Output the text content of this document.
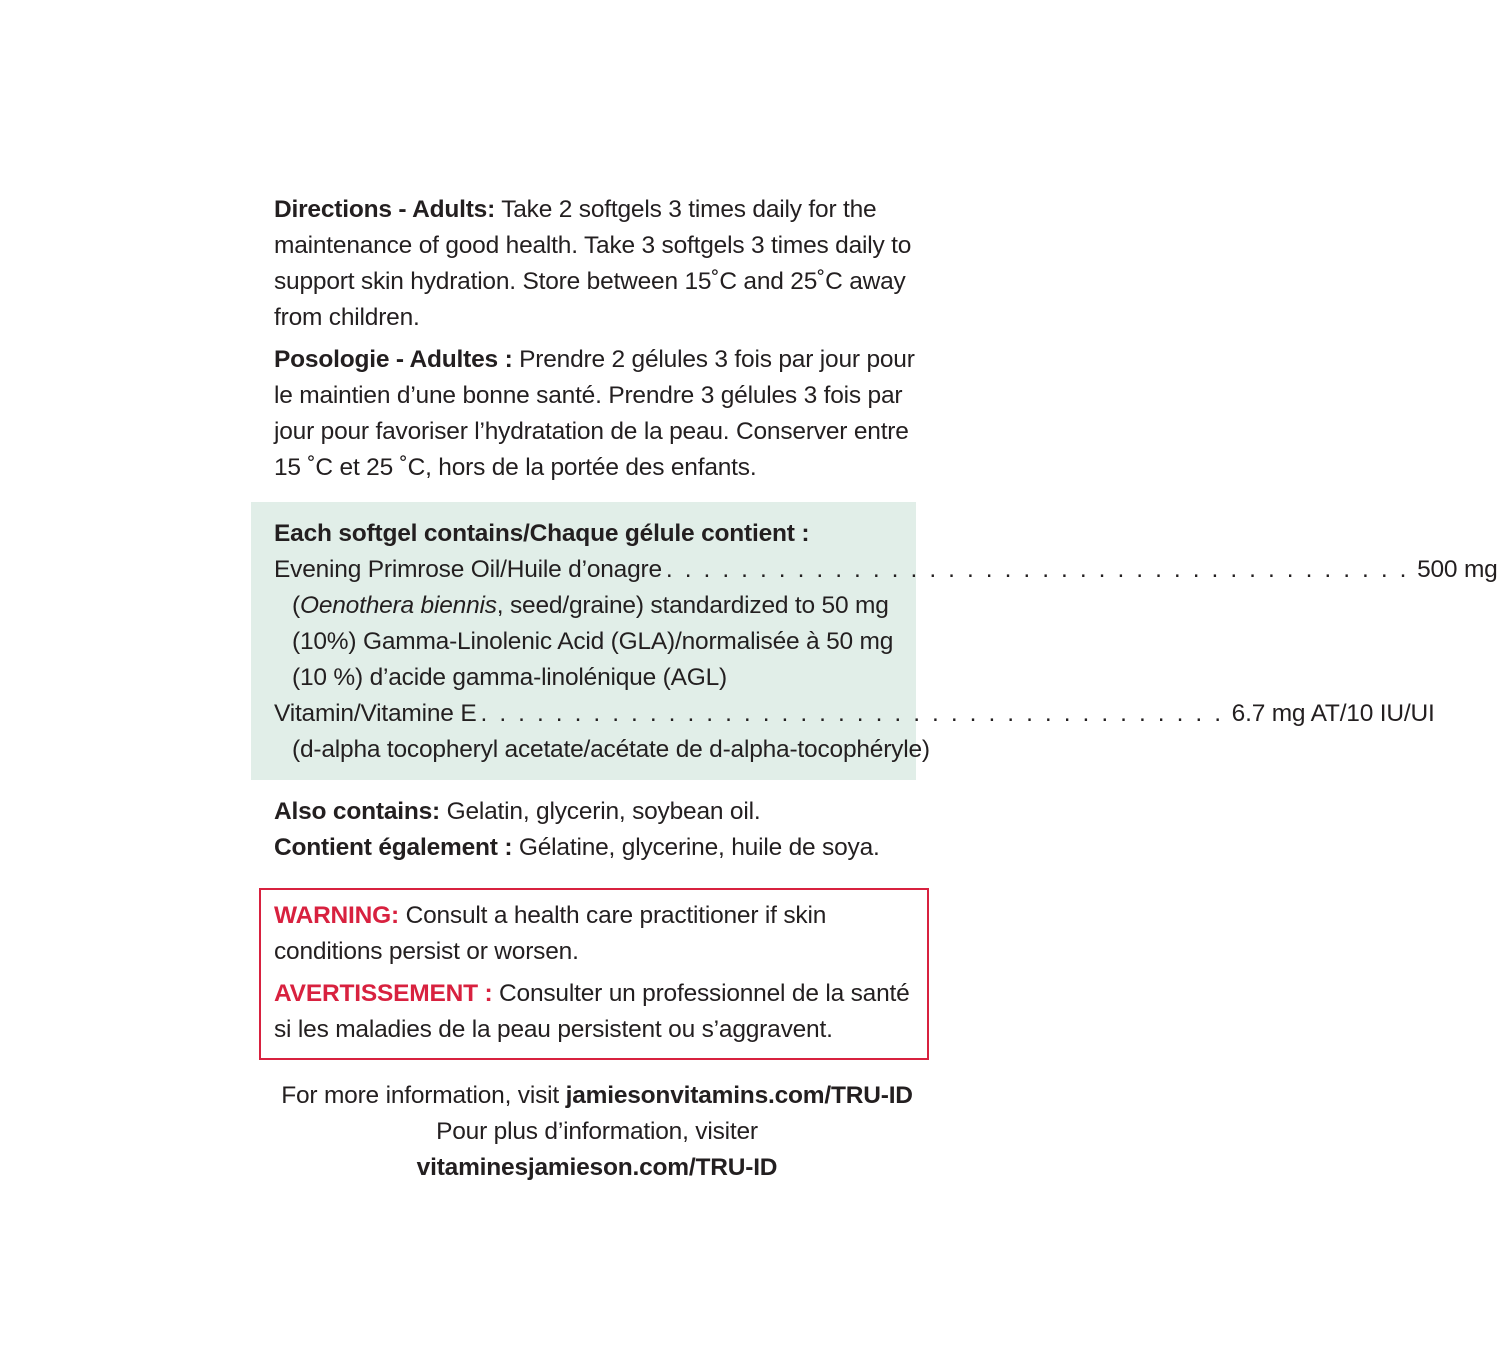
Directions - Adults: Take 2 softgels 3 times daily for the maintenance of good health. Take 3 softgels 3 times daily to support skin hydration. Store between 15˚C and 25˚C away from children.

Posologie - Adultes : Prendre 2 gélules 3 fois par jour pour le maintien d’une bonne santé. Prendre 3 gélules 3 fois par jour pour favoriser l’hydratation de la peau. Conserver entre 15 ˚C et 25 ˚C, hors de la portée des enfants.

Each softgel contains/Chaque gélule contient :
Evening Primrose Oil/Huile d’onagre . . . . . . . . . . . . . . . . . . . . . . . . . . . . . . . . . . . . . . . . 500 mg
(Oenothera biennis, seed/graine) standardized to 50 mg
(10%) Gamma-Linolenic Acid (GLA)/normalisée à 50 mg
(10 %) d’acide gamma-linolénique (AGL)
Vitamin/Vitamine E . . . . . . . . . . . . . . . . . . . . . . . . . . . . . . . . . . . . . . . . 6.7 mg AT/10 IU/UI
(d-alpha tocopheryl acetate/acétate de d-alpha-tocophéryle)
Also contains: Gelatin, glycerin, soybean oil.
Contient également : Gélatine, glycerine, huile de soya.

WARNING: Consult a health care practitioner if skin conditions persist or worsen.

AVERTISSEMENT : Consulter un professionnel de la santé si les maladies de la peau persistent ou s’aggravent.

For more information, visit jamiesonvitamins.com/TRU-ID
Pour plus d’information, visiter
vitaminesjamieson.com/TRU-ID
